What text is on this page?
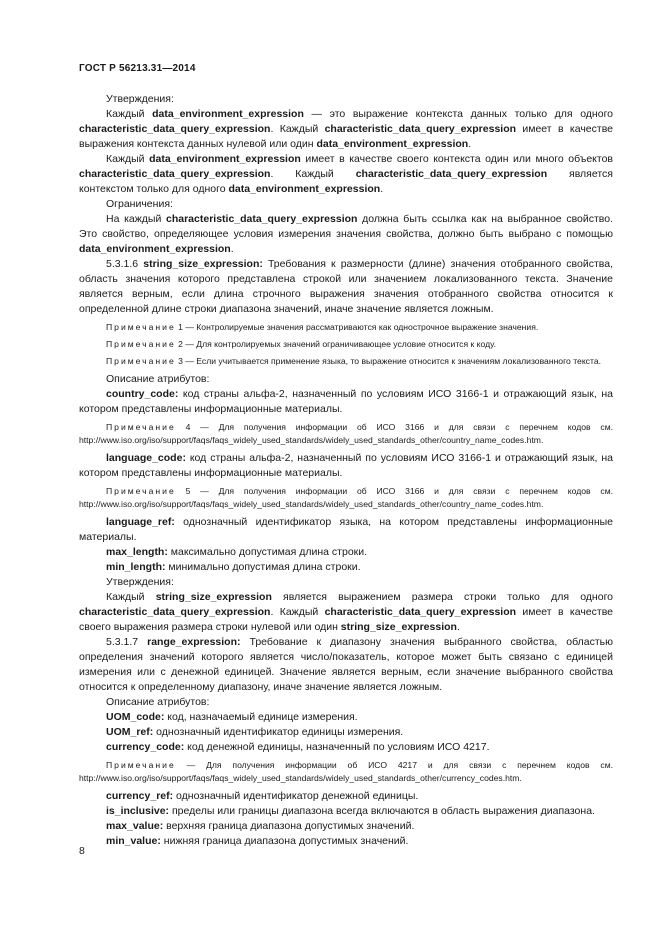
ГОСТ Р 56213.31—2014

Утверждения:

Каждый data_environment_expression — это выражение контекста данных только для одного characteristic_data_query_expression. Каждый characteristic_data_query_expression имеет в качестве выражения контекста данных нулевой или один data_environment_expression.

Каждый data_environment_expression имеет в качестве своего контекста один или много объектов characteristic_data_query_expression. Каждый characteristic_data_query_expression является контекстом только для одного data_environment_expression.

Ограничения:

На каждый characteristic_data_query_expression должна быть ссылка как на выбранное свойство. Это свойство, определяющее условия измерения значения свойства, должно быть выбрано с помощью data_environment_expression.

5.3.1.6 string_size_expression: Требования к размерности (длине) значения отобранного свойства, область значения которого представлена строкой или значением локализованного текста. Значение является верным, если длина строчного выражения значения отобранного свойства относится к определенной длине строки диапазона значений, иначе значение является ложным.

Примечание 1 — Контролируемые значения рассматриваются как однострочное выражение значения.

Примечание 2 — Для контролируемых значений ограничивающее условие относится к коду.

Примечание 3 — Если учитывается применение языка, то выражение относится к значениям локализованного текста.

Описание атрибутов:

country_code: код страны альфа-2, назначенный по условиям ИСО 3166-1 и отражающий язык, на котором представлены информационные материалы.

Примечание 4 — Для получения информации об ИСО 3166 и для связи с перечнем кодов см. http://www.iso.org/iso/support/faqs/faqs_widely_used_standards/widely_used_standards_other/country_name_codes.htm.

language_code: код страны альфа-2, назначенный по условиям ИСО 3166-1 и отражающий язык, на котором представлены информационные материалы.

Примечание 5 — Для получения информации об ИСО 3166 и для связи с перечнем кодов см. http://www.iso.org/iso/support/faqs/faqs_widely_used_standards/widely_used_standards_other/country_name_codes.htm.

language_ref: однозначный идентификатор языка, на котором представлены информационные материалы.

max_length: максимально допустимая длина строки.

min_length: минимально допустимая длина строки.

Утверждения:

Каждый string_size_expression является выражением размера строки только для одного characteristic_data_query_expression. Каждый characteristic_data_query_expression имеет в качестве своего выражения размера строки нулевой или один string_size_expression.

5.3.1.7 range_expression: Требование к диапазону значения выбранного свойства, областью определения значений которого является число/показатель, которое может быть связано с единицей измерения или с денежной единицей. Значение является верным, если значение выбранного свойства относится к определенному диапазону, иначе значение является ложным.

Описание атрибутов:

UOM_code: код, назначаемый единице измерения.

UOM_ref: однозначный идентификатор единицы измерения.

currency_code: код денежной единицы, назначенный по условиям ИСО 4217.

Примечание — Для получения информации об ИСО 4217 и для связи с перечнем кодов см. http://www.iso.org/iso/support/faqs/faqs_widely_used_standards/widely_used_standards_other/currency_codes.htm.

currency_ref: однозначный идентификатор денежной единицы.

is_inclusive: пределы или границы диапазона всегда включаются в область выражения диапазона.

max_value: верхняя граница диапазона допустимых значений.

min_value: нижняя граница диапазона допустимых значений.

8
